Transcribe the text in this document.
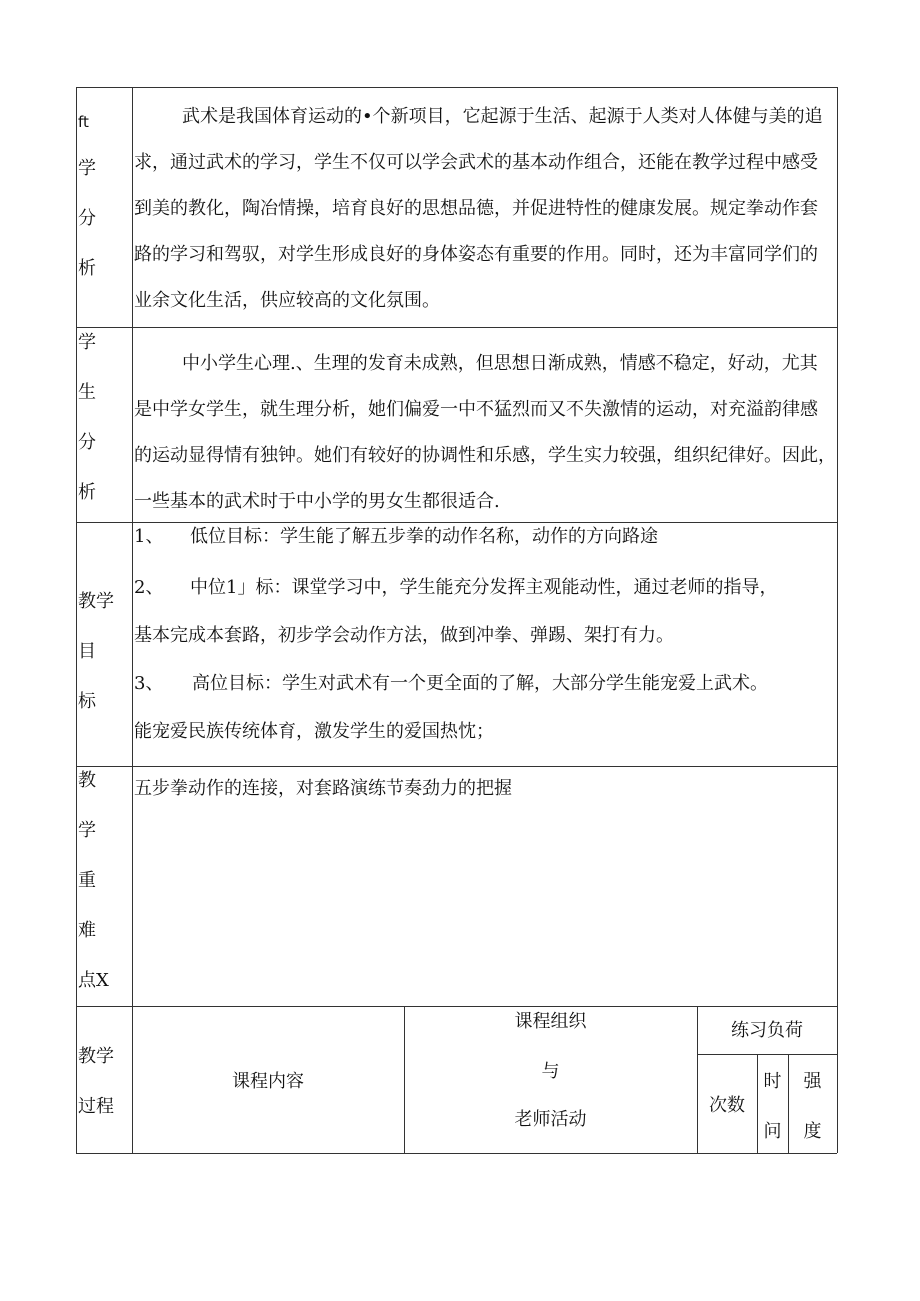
ft
学
分
析
武术是我国体育运动的•个新项目，它起源于生活、起源于人类对人体健与美的追
求，通过武术的学习，学生不仅可以学会武术的基本动作组合，还能在教学过程中感受
到美的教化，陶冶情操，培育良好的思想品德，并促进特性的健康发展。规定拳动作套
路的学习和驾驭，对学生形成良好的身体姿态有重要的作用。同时，还为丰富同学们的
业余文化生活，供应较高的文化氛围。
学
生
分
析
中小学生心理.、生理的发育未成熟，但思想日渐成熟，情感不稳定，好动，尤其
是中学女学生，就生理分析，她们偏爱一中不猛烈而又不失激情的运动，对充溢韵律感
的运动显得情有独钟。她们有较好的协调性和乐感，学生实力较强，组织纪律好。因此，
一些基本的武术时于中小学的男女生都很适合.
教学
目
标
1、 低位目标：学生能了解五步拳的动作名称，动作的方向路途
2、 中位1」标：课堂学习中，学生能充分发挥主观能动性，通过老师的指导，
基本完成本套路，初步学会动作方法，做到冲拳、弹踢、架打有力。
3、 高位目标：学生对武术有一个更全面的了解，大部分学生能宠爱上武术。
能宠爱民族传统体育，激发学生的爱国热忱；
教
学
重
难
点X
五步拳动作的连接，对套路演练节奏劲力的把握
教学
过程
课程内容
课程组织
与
老师活动
练习负荷
次数
时
问
强
度
